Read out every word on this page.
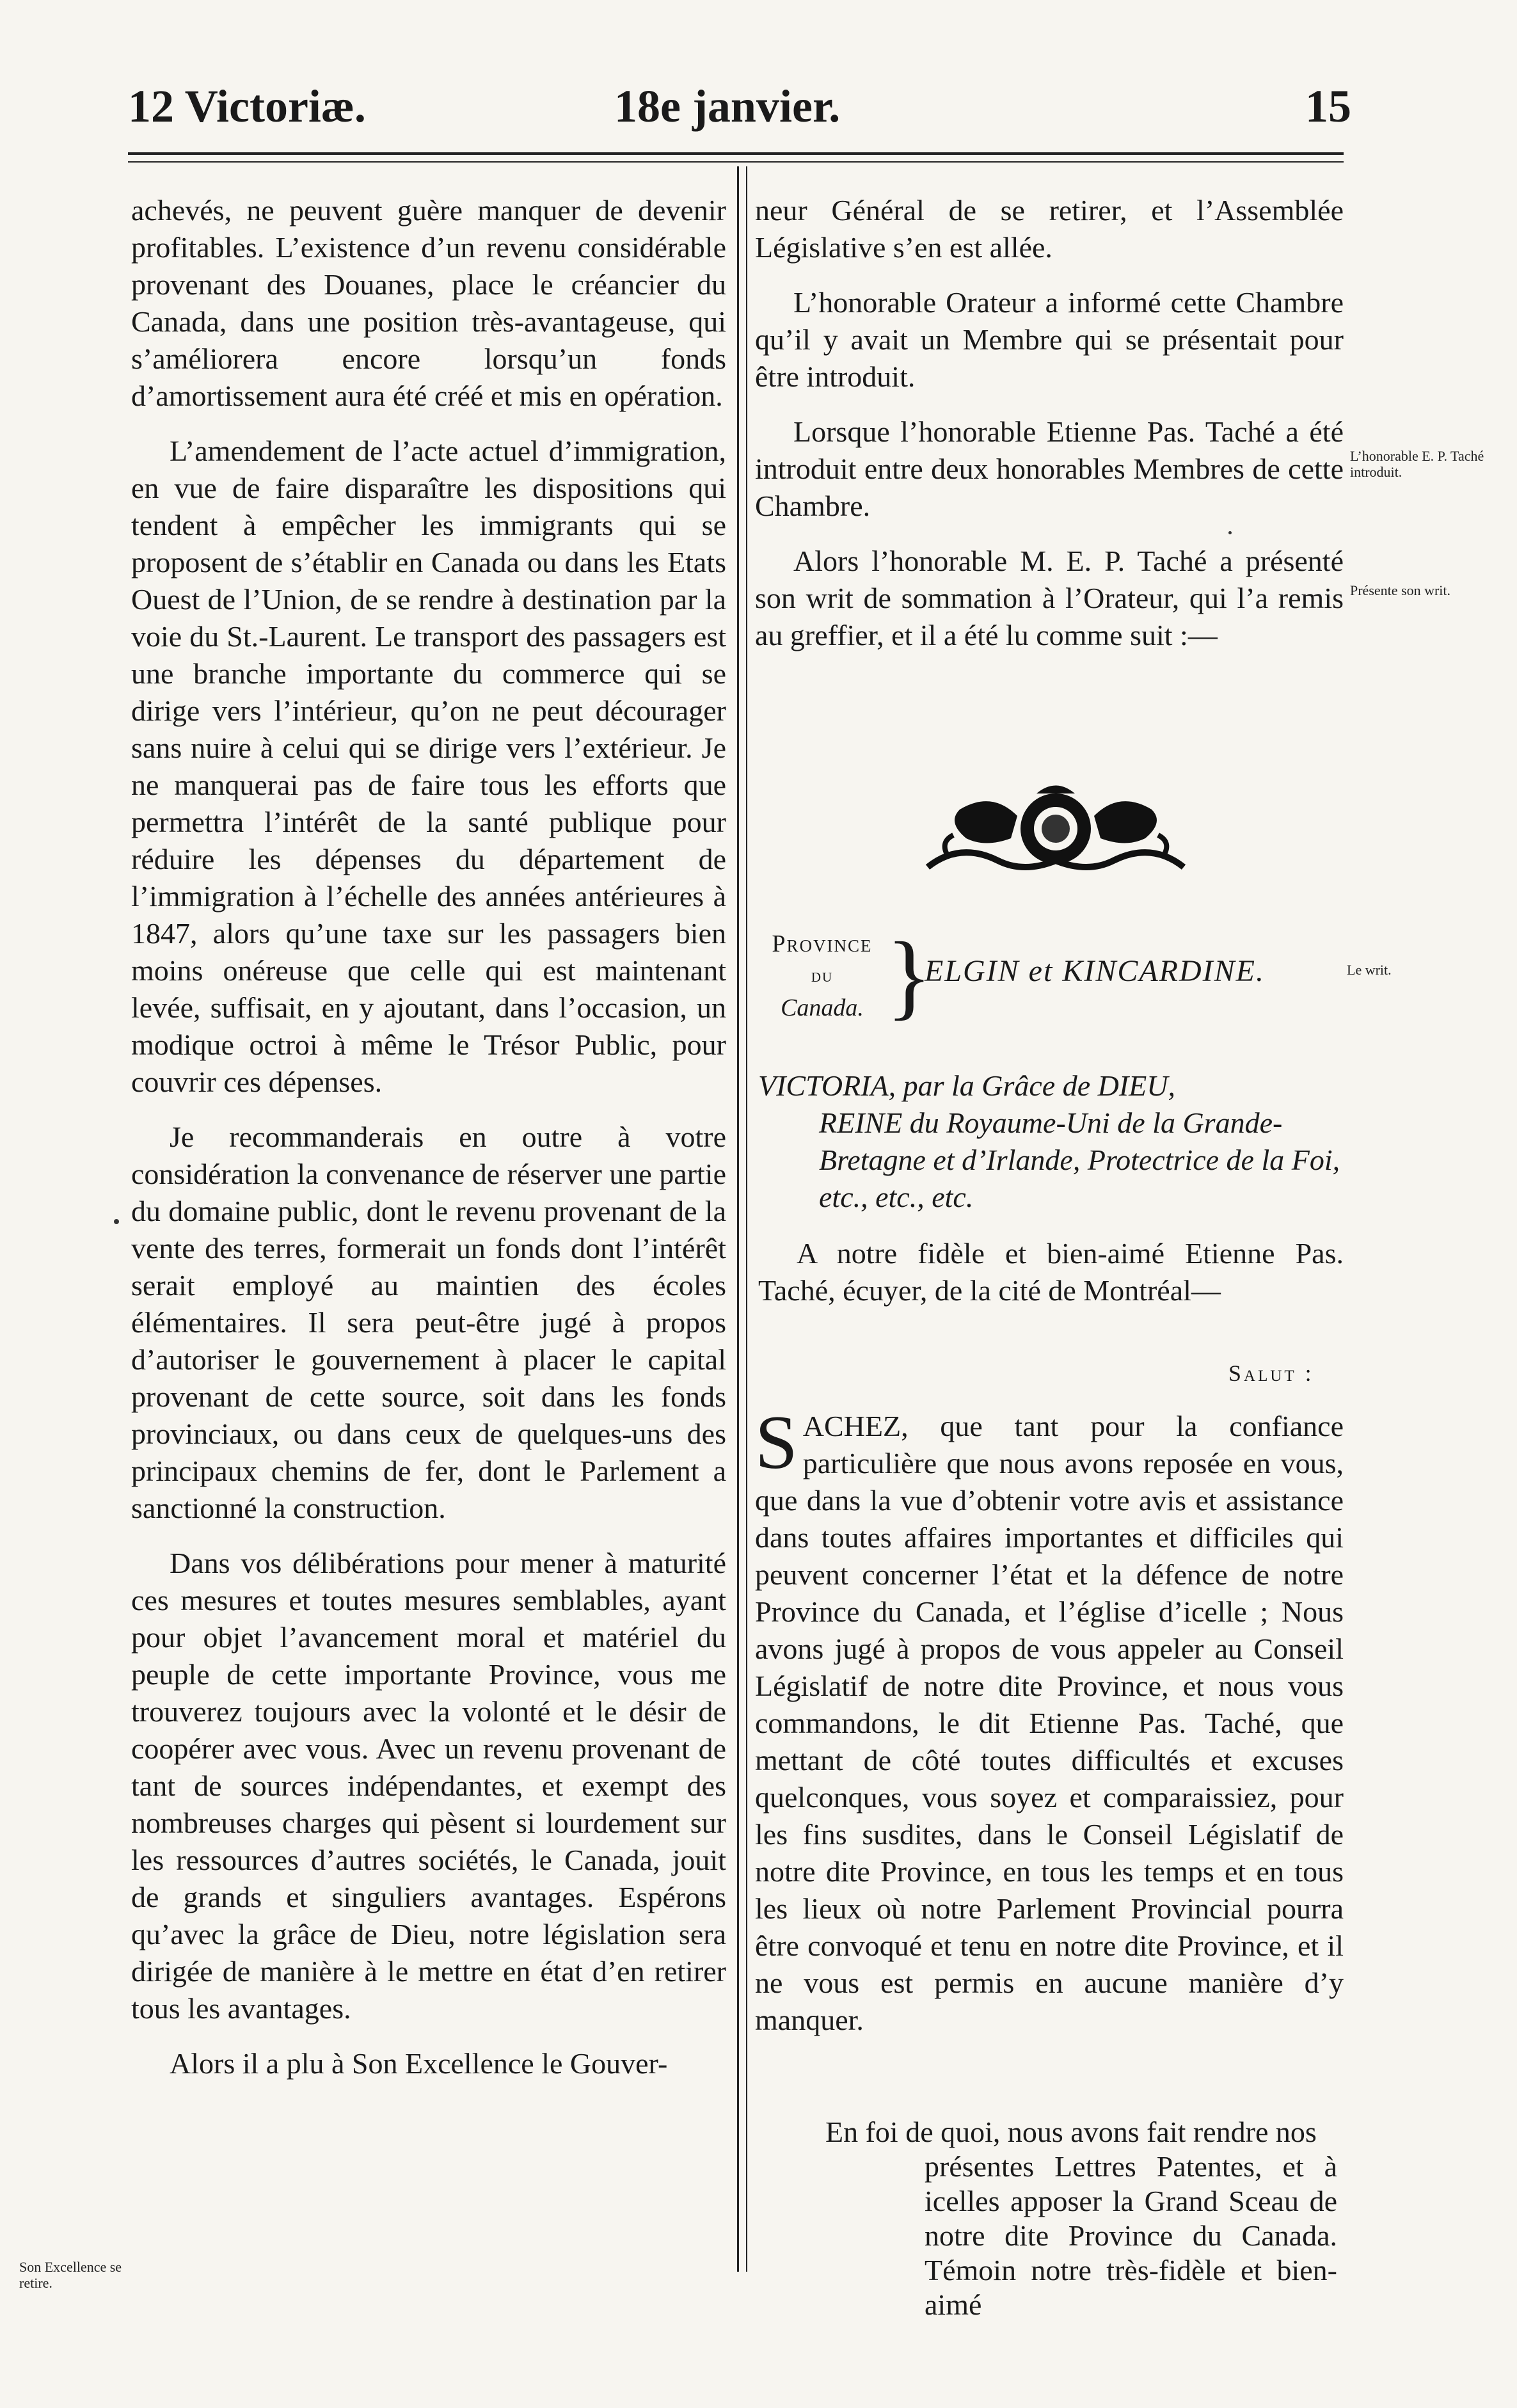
12 Victoriæ.	18e janvier.	15

achevés, ne peuvent guère manquer de devenir profitables. L’existence d’un revenu considérable provenant des Douanes, place le créancier du Canada, dans une position très-avantageuse, qui s’améliorera encore lorsqu’un fonds d’amortissement aura été créé et mis en opération.

L’amendement de l’acte actuel d’immigration, en vue de faire disparaître les dispositions qui tendent à empêcher les immigrants qui se proposent de s’établir en Canada ou dans les Etats Ouest de l’Union, de se rendre à destination par la voie du St.-Laurent. Le transport des passagers est une branche importante du commerce qui se dirige vers l’intérieur, qu’on ne peut décourager sans nuire à celui qui se dirige vers l’extérieur. Je ne manquerai pas de faire tous les efforts que permettra l’intérêt de la santé publique pour réduire les dépenses du département de l’immigration à l’échelle des années antérieures à 1847, alors qu’une taxe sur les passagers bien moins onéreuse que celle qui est maintenant levée, suffisait, en y ajoutant, dans l’occasion, un modique octroi à même le Trésor Public, pour couvrir ces dépenses.

Je recommanderais en outre à votre considération la convenance de réserver une partie du domaine public, dont le revenu provenant de la vente des terres, formerait un fonds dont l’intérêt serait employé au maintien des écoles élémentaires. Il sera peut-être jugé à propos d’autoriser le gouvernement à placer le capital provenant de cette source, soit dans les fonds provinciaux, ou dans ceux de quelques-uns des principaux chemins de fer, dont le Parlement a sanctionné la construction.

Dans vos délibérations pour mener à maturité ces mesures et toutes mesures semblables, ayant pour objet l’avancement moral et matériel du peuple de cette importante Province, vous me trouverez toujours avec la volonté et le désir de coopérer avec vous. Avec un revenu provenant de tant de sources indépendantes, et exempt des nombreuses charges qui pèsent si lourdement sur les ressources d’autres sociétés, le Canada, jouit de grands et singuliers avantages. Espérons qu’avec la grâce de Dieu, notre législation sera dirigée de manière à le mettre en état d’en retirer tous les avantages.

Alors il a plu à Son Excellence le Gouver-

neur Général de se retirer, et l’Assemblée Législative s’en est allée.

L’honorable Orateur a informé cette Chambre qu’il y avait un Membre qui se présentait pour être introduit.

Lorsque l’honorable Etienne Pas. Taché a été introduit entre deux honorables Membres de cette Chambre.

Alors l’honorable M. E. P. Taché a présenté son writ de sommation à l’Orateur, qui l’a remis au greffier, et il a été lu comme suit :—

Province
du
Canada. }
ELGIN et KINCARDINE.
VICTORIA, par la Grâce de DIEU,
REINE du Royaume-Uni de la Grande-Bretagne et d’Irlande, Protectrice de la Foi, etc., etc., etc.
A notre fidèle et bien-aimé Etienne Pas. Taché, écuyer, de la cité de Montréal—
Salut :

SACHEZ, que tant pour la confiance particulière que nous avons reposée en vous, que dans la vue d’obtenir votre avis et assistance dans toutes affaires importantes et difficiles qui peuvent concerner l’état et la défence de notre Province du Canada, et l’église d’icelle ; Nous avons jugé à propos de vous appeler au Conseil Législatif de notre dite Province, et nous vous commandons, le dit Etienne Pas. Taché, que mettant de côté toutes difficultés et excuses quelconques, vous soyez et comparaissiez, pour les fins susdites, dans le Conseil Législatif de notre dite Province, en tous les temps et en tous les lieux où notre Parlement Provincial pourra être convoqué et tenu en notre dite Province, et il ne vous est permis en aucune manière d’y manquer.

En foi de quoi, nous avons fait rendre nos
présentes Lettres Patentes, et à icelles apposer la Grand Sceau de notre dite Province du Canada. Témoin notre très-fidèle et bien-aimé
L’honorable E. P. Taché introduit.
Présente son writ.
Le writ.
Son Excellence se retire.
